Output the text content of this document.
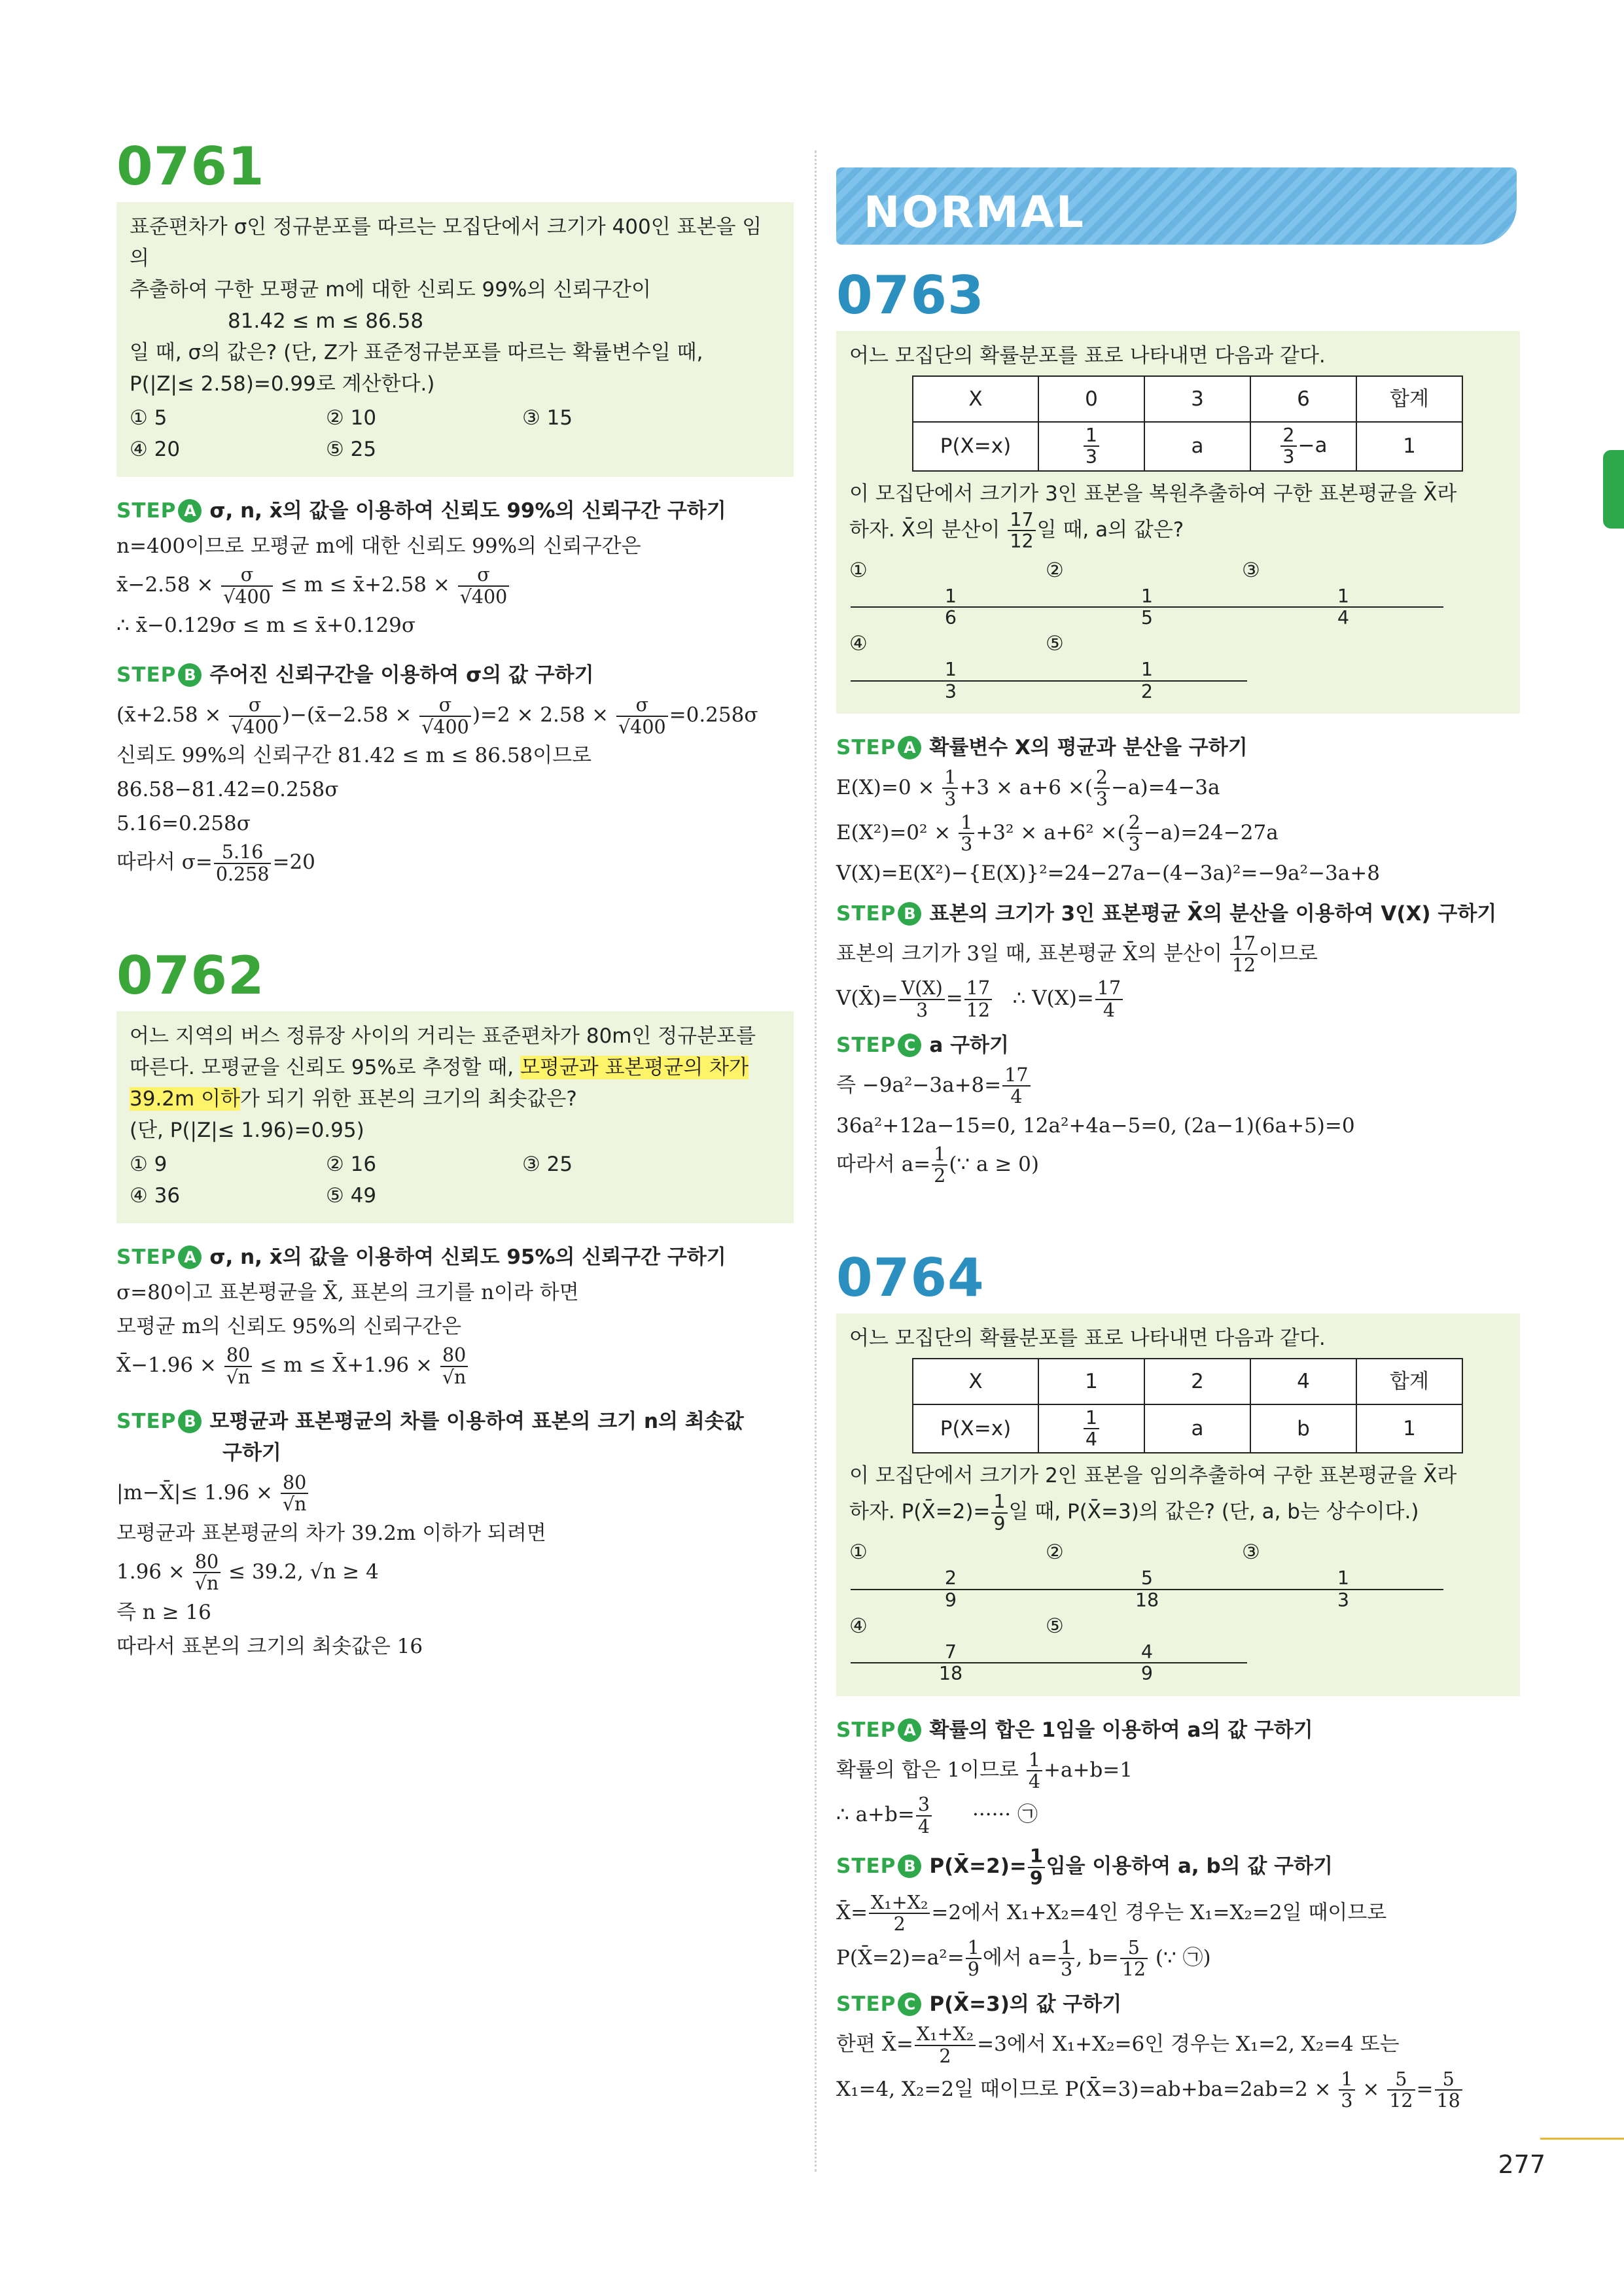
0761

표준편차가 σ인 정규분포를 따르는 모집단에서 크기가 400인 표본을 임의

추출하여 구한 모평균 m에 대한 신뢰도 99%의 신뢰구간이

81.42 ≤ m ≤ 86.58

일 때, σ의 값은? (단, Z가 표준정규분포를 따르는 확률변수일 때,

P(|Z|≤ 2.58)=0.99로 계산한다.)

① 5	② 10	③ 15
④ 20	⑤ 25
STEP A σ, n, x̄의 값을 이용하여 신뢰도 99%의 신뢰구간 구하기

n=400이므로 모평균 m에 대한 신뢰도 99%의 신뢰구간은

x̄−2.58 × $\frac{\sigma}{√400} \le m$ ≤ x̄+2.58 × $\frac{\sigma}{√400}$

∴ x̄−0.129σ ≤ m ≤ x̄+0.129σ

STEP B 주어진 신뢰구간을 이용하여 σ의 값 구하기

(x̄+2.58 × $\frac{\sigma}{√400}$ )−(x̄−2.58 × $\frac{\sigma}{√400} )=2 \times 2.58 \times \frac{\sigma}{√400} =0.258\sigma$

신뢰도 99%의 신뢰구간 81.42 ≤ m ≤ 86.58이므로

86.58−81.42=0.258σ

5.16=0.258σ

따라서 $\sigma= \frac{5.16}{0.258} =20$

0762

어느 지역의 버스 정류장 사이의 거리는 표준편차가 80m인 정규분포를

따른다. 모평균을 신뢰도 95%로 추정할 때, 모평균과 표본평균의 차가

39.2m 이하가 되기 위한 표본의 크기의 최솟값은?

(단, P(|Z|≤ 1.96)=0.95)

① 9	② 16	③ 25
④ 36	⑤ 49
STEP A σ, n, x̄의 값을 이용하여 신뢰도 95%의 신뢰구간 구하기

σ=80이고 표본평균을 X̄, 표본의 크기를 n이라 하면

모평균 m의 신뢰도 95%의 신뢰구간은

X̄−1.96 × $\frac{80}{√n} \le m$ ≤ X̄+1.96 × $\frac{80}{√n}$

STEP B 모평균과 표본평균의 차를 이용하여 표본의 크기 n의 최솟값
구하기

|m−X̄|≤ $1.96 \times \frac{80}{√n}$

모평균과 표본평균의 차가 39.2m 이하가 되려면

$1.96 \times \frac{80}{√n} \le 39.2$, √n ≥ 4

즉 n ≥ 16

따라서 표본의 크기의 최솟값은 16

NORMAL
0763

어느 모집단의 확률분포를 표로 나타내면 다음과 같다.

X	0	3	6	합계
P(X=x)	$\frac{1}{3}$	a	$\frac{2}{3} -a$	1

이 모집단에서 크기가 3인 표본을 복원추출하여 구한 표본평균을 X̄라

하자. X̄의 분산이 $\frac{17}{12}$ 일 때, a의 값은?

①
$\frac{1}{6}$
②
$\frac{1}{5}$
③
$\frac{1}{4}$
④
$\frac{1}{3}$
⑤
$\frac{1}{2}$
STEP A 확률변수 X의 평균과 분산을 구하기

$E(X)=0 \times \frac{1}{3} +3 \times a+6$ ×( $\frac{2}{3} -a)=4-3a$

$E(X^2)=0^2 \times \frac{1}{3} +3^2 \times a+6^2$ ×( $\frac{2}{3} -a)=24-27a$

V(X)=E(X²)−{E(X)}²=24−27a−(4−3a)²=−9a²−3a+8

STEP B 표본의 크기가 3인 표본평균 X̄의 분산을 이용하여 V(X) 구하기

표본의 크기가 3일 때, 표본평균 X̄의 분산이 $\frac{17}{12}$ 이므로

V(X̄)= $\frac{V(X)}{3} = \frac{17}{12}$ ∴ $V(X)= \frac{17}{4}$

STEP C a 구하기

즉 $-9a^2-3a+8= \frac{17}{4}$

36a²+12a−15=0, 12a²+4a−5=0, (2a−1)(6a+5)=0

따라서 $a= \frac{1}{2}$ (∵ a ≥ 0)

0764

어느 모집단의 확률분포를 표로 나타내면 다음과 같다.

X	1	2	4	합계
P(X=x)	$\frac{1}{4}$	a	b	1

이 모집단에서 크기가 2인 표본을 임의추출하여 구한 표본평균을 X̄라

하자. P(X̄=2)= $\frac{1}{9}$ 일 때, P(X̄=3)의 값은? (단, a, b는 상수이다.)

①
$\frac{2}{9}$
②
$\frac{5}{18}$
③
$\frac{1}{3}$
④
$\frac{7}{18}$
⑤
$\frac{4}{9}$
STEP A 확률의 합은 1임을 이용하여 a의 값 구하기

확률의 합은 1이므로 $\frac{1}{4} +a+b=1$

∴ $a+b= \frac{3}{4}$ ······ ㉠

STEP B P(X̄=2)= $\frac{1}{9}$ 임을 이용하여 a, b의 값 구하기

X̄= $\frac{\text{X₁+X₂}}{2} =2$에서 X₁+X₂=4인 경우는 X₁=X₂=2일 때이므로

P(X̄=2)=a²= $\frac{1}{9}$ 에서 $a= \frac{1}{3}$ , $b= \frac{5}{12}$ (∵ ㉠)

STEP C P(X̄=3)의 값 구하기

한편 X̄= $\frac{\text{X₁+X₂}}{2} =3$에서 X₁+X₂=6인 경우는 X₁=2, X₂=4 또는

X₁=4, X₂=2일 때이므로 P(X̄=3)=ab+ba=2ab=2 × $\frac{1}{3} \times \frac{5}{12} = \frac{5}{18}$

277
